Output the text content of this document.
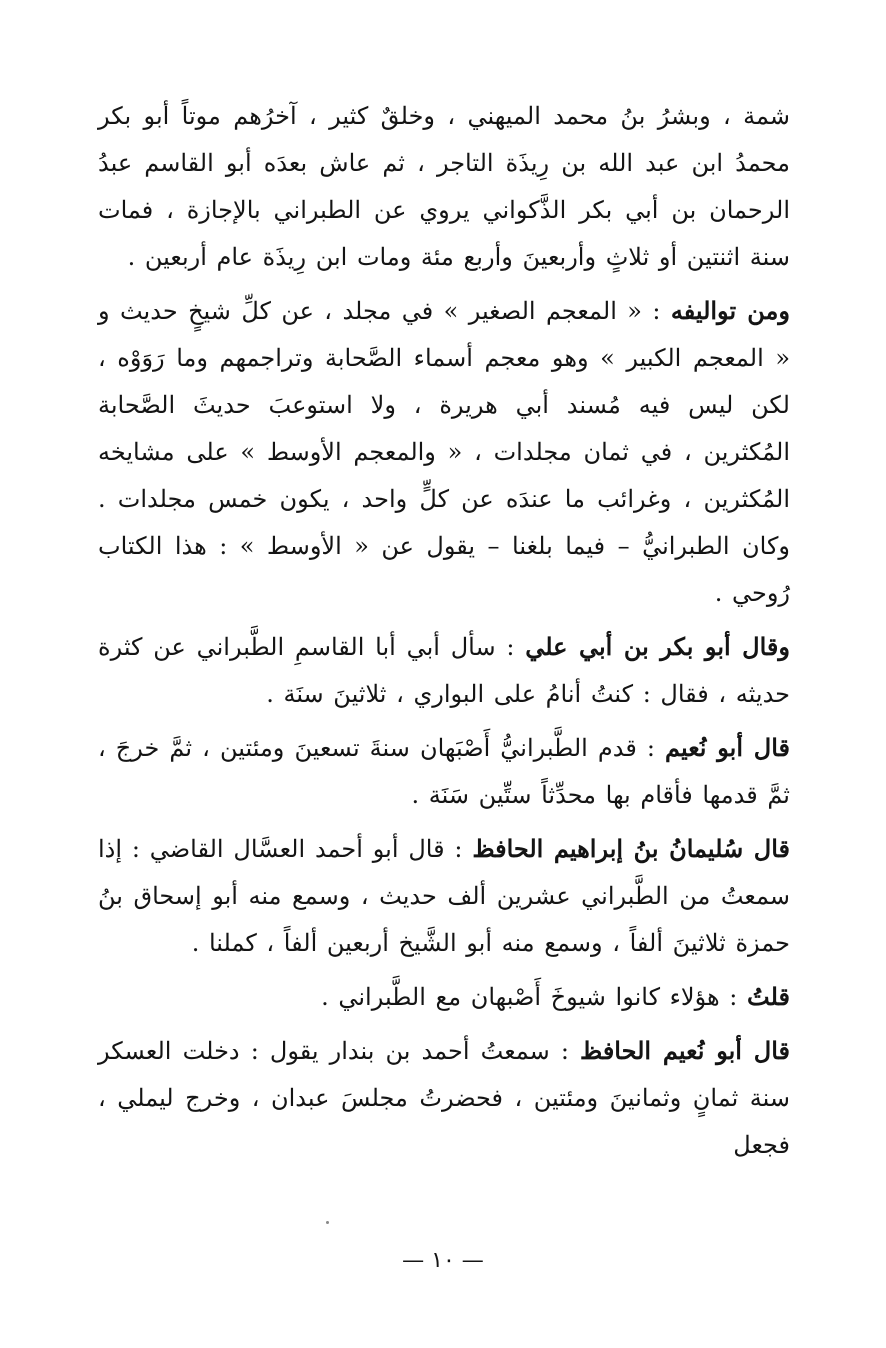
شمة ، وبشرُ بنُ محمد الميهني ، وخلقٌ كثير ، آخرُهم موتاً أبو بكر محمدُ ابن عبد الله بن رِيذَة التاجر ، ثم عاش بعدَه أبو القاسم عبدُ الرحمان بن أبي بكر الذَّكواني يروي عن الطبراني بالإجازة ، فمات سنة اثنتين أو ثلاثٍ وأربعينَ وأربع مئة ومات ابن رِيذَة عام أربعين .

ومن تواليفه : « المعجم الصغير » في مجلد ، عن كلِّ شيخٍ حديث و « المعجم الكبير » وهو معجم أسماء الصَّحابة وتراجمهم وما رَوَوْه ، لكن ليس فيه مُسند أبي هريرة ، ولا استوعبَ حديثَ الصَّحابة المُكثرين ، في ثمان مجلدات ، « والمعجم الأوسط » على مشايخه المُكثرين ، وغرائب ما عندَه عن كلٍّ واحد ، يكون خمس مجلدات . وكان الطبرانيُّ – فيما بلغنا – يقول عن « الأوسط » : هذا الكتاب رُوحي .

وقال أبو بكر بن أبي علي : سأل أبي أبا القاسمِ الطَّبراني عن كثرة حديثه ، فقال : كنتُ أنامُ على البواري ، ثلاثينَ سنَة .

قال أبو نُعيم : قدم الطَّبرانيُّ أَصْبَهان سنةَ تسعينَ ومئتين ، ثمَّ خرجَ ، ثمَّ قدمها فأقام بها محدِّثاً ستِّين سَنَة .

قال سُليمانُ بنُ إبراهيم الحافظ : قال أبو أحمد العسَّال القاضي : إذا سمعتُ من الطَّبراني عشرين ألف حديث ، وسمع منه أبو إسحاق بنُ حمزة ثلاثينَ ألفاً ، وسمع منه أبو الشَّيخ أربعين ألفاً ، كملنا .

قلتُ : هؤلاء كانوا شيوخَ أَصْبهان مع الطَّبراني .

قال أبو نُعيم الحافظ : سمعتُ أحمد بن بندار يقول : دخلت العسكر سنة ثمانٍ وثمانينَ ومئتين ، فحضرتُ مجلسَ عبدان ، وخرج ليملي ، فجعل

— ١٠ —
